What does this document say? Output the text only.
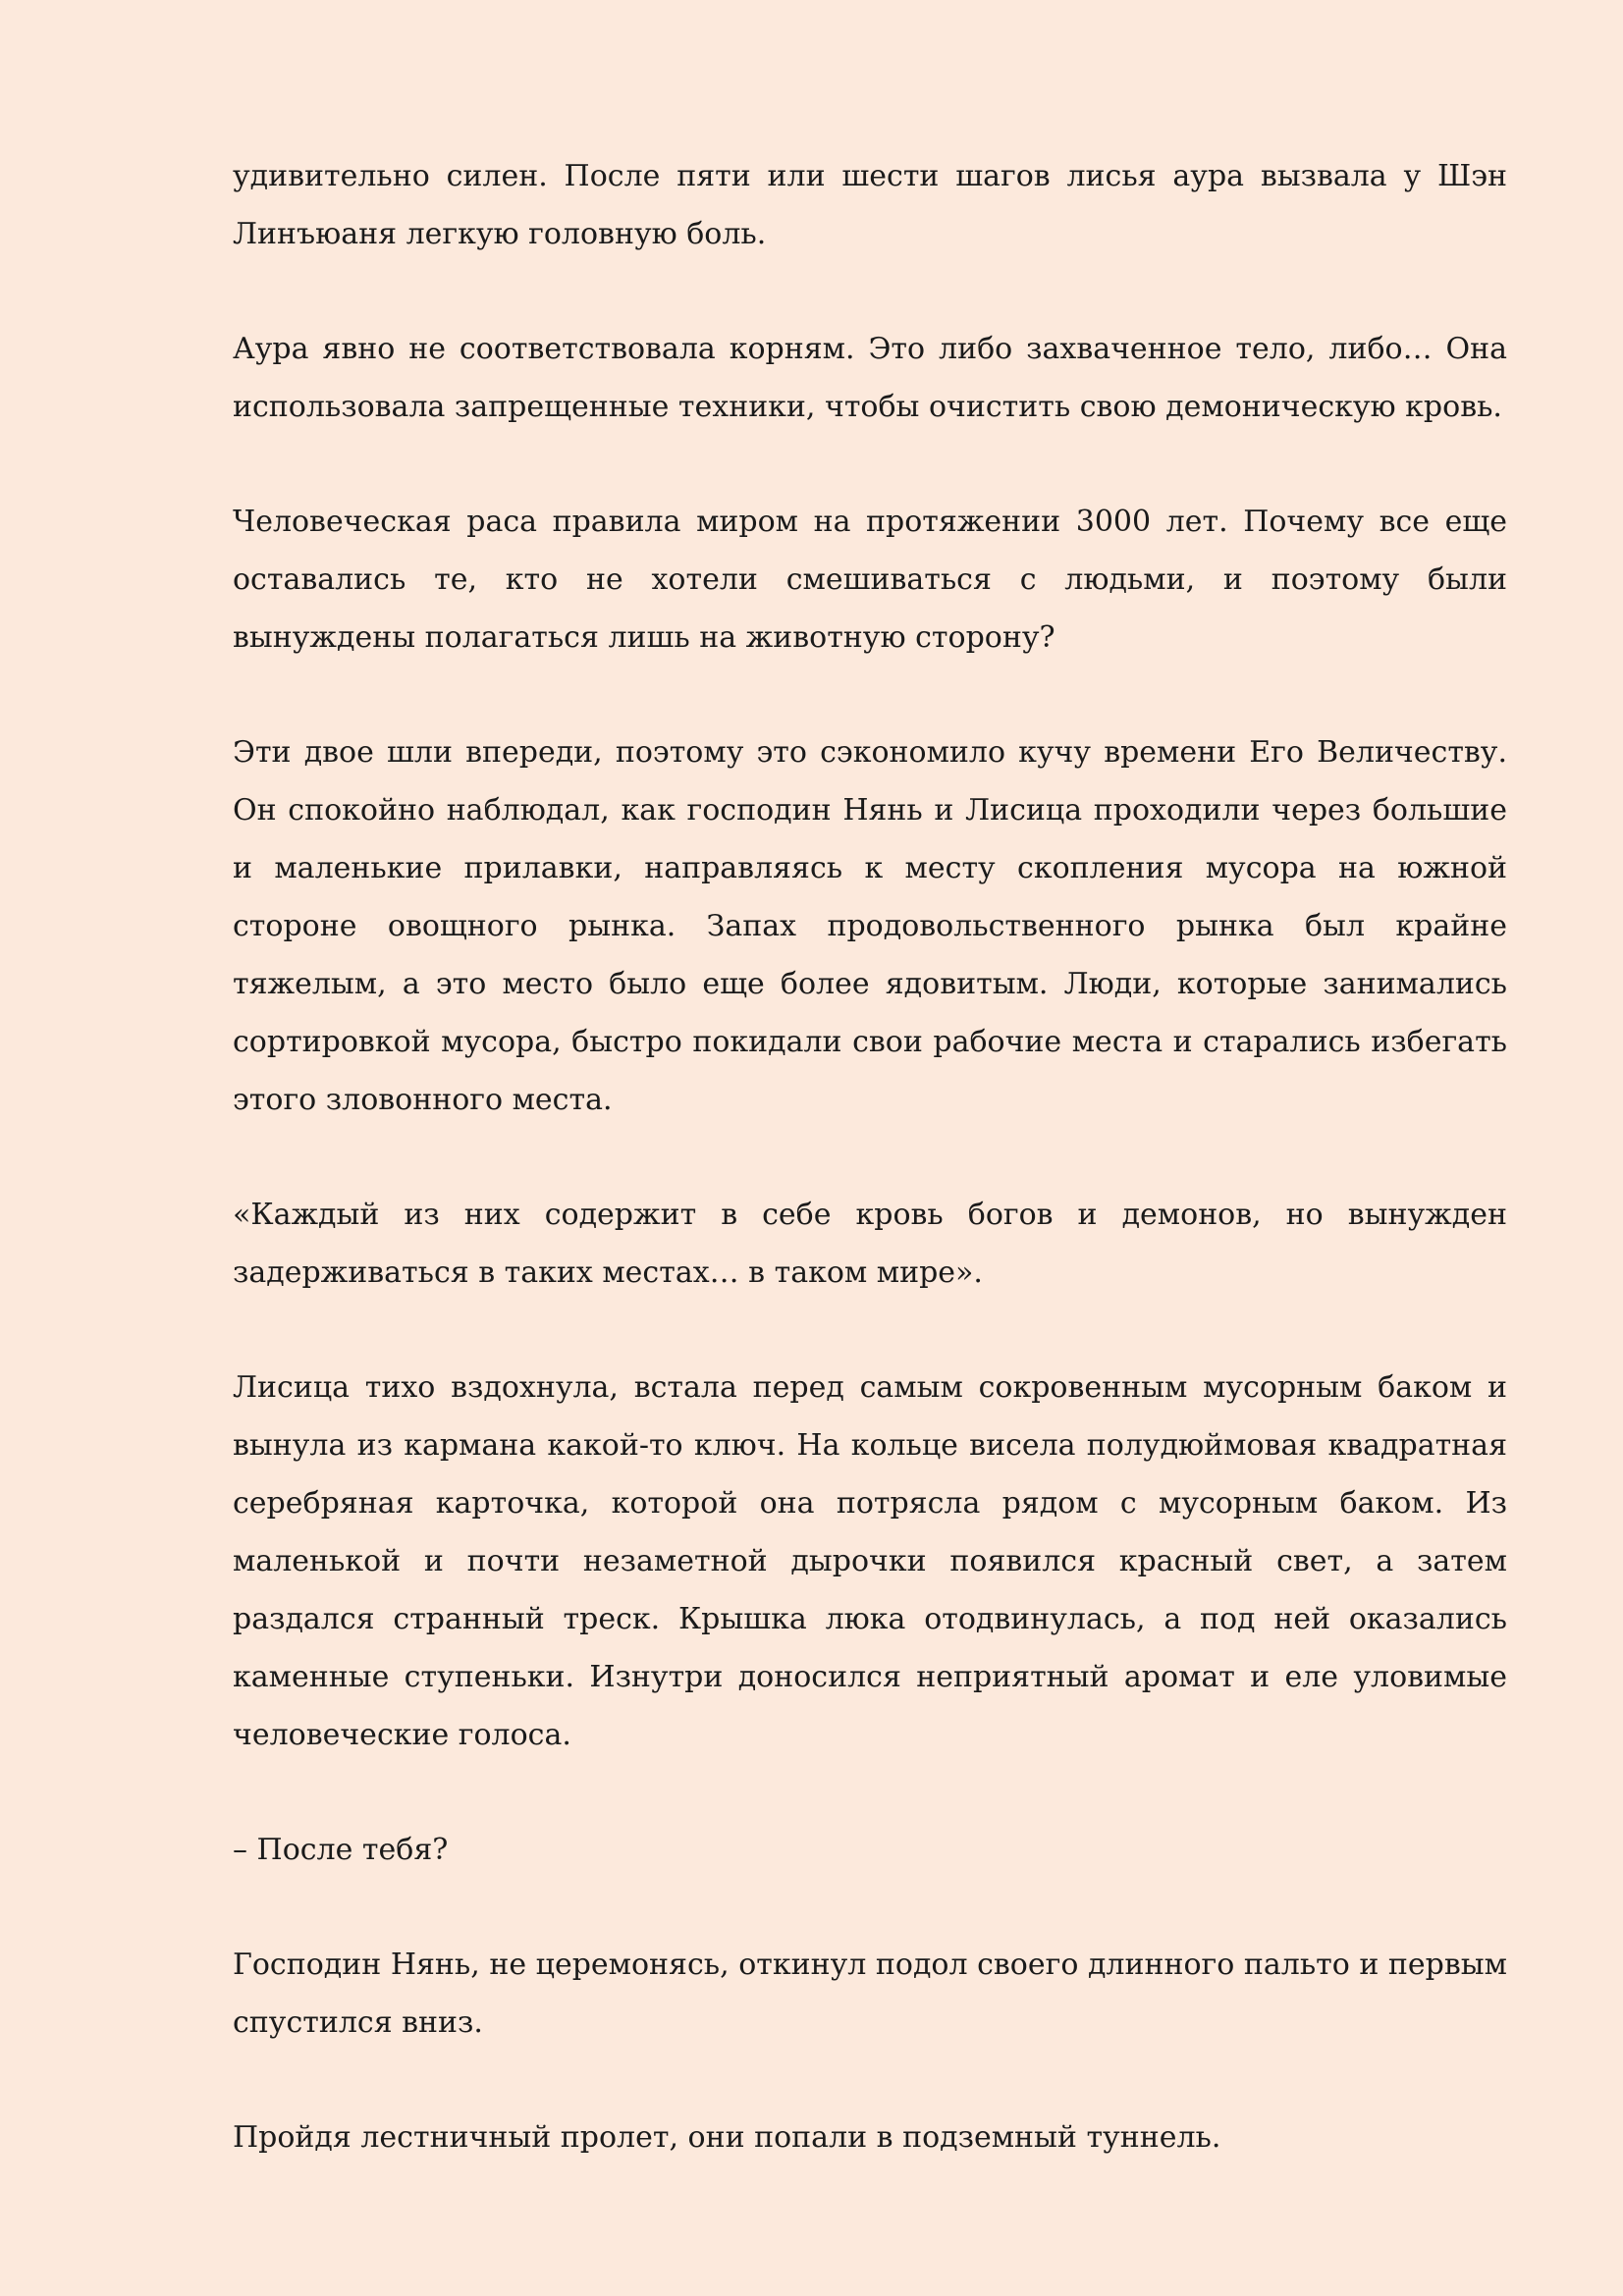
удивительно силен. После пяти или шести шагов лисья аура вызвала у Шэн Линъюаня легкую головную боль.

Аура явно не соответствовала корням. Это либо захваченное тело, либо… Она использовала запрещенные техники, чтобы очистить свою демоническую кровь.

Человеческая раса правила миром на протяжении 3000 лет. Почему все еще оставались те, кто не хотели смешиваться с людьми, и поэтому были вынуждены полагаться лишь на животную сторону?

Эти двое шли впереди, поэтому это сэкономило кучу времени Его Величеству. Он спокойно наблюдал, как господин Нянь и Лисица проходили через большие и маленькие прилавки, направляясь к месту скопления мусора на южной стороне овощного рынка. Запах продовольственного рынка был крайне тяжелым, а это место было еще более ядовитым. Люди, которые занимались сортировкой мусора, быстро покидали свои рабочие места и старались избегать этого зловонного места.

«Каждый из них содержит в себе кровь богов и демонов, но вынужден задерживаться в таких местах… в таком мире».

Лисица тихо вздохнула, встала перед самым сокровенным мусорным баком и вынула из кармана какой-то ключ. На кольце висела полудюймовая квадратная серебряная карточка, которой она потрясла рядом с мусорным баком. Из маленькой и почти незаметной дырочки появился красный свет, а затем раздался странный треск. Крышка люка отодвинулась, а под ней оказались каменные ступеньки. Изнутри доносился неприятный аромат и еле уловимые человеческие голоса.

– После тебя?

Господин Нянь, не церемонясь, откинул подол своего длинного пальто и первым спустился вниз.

Пройдя лестничный пролет, они попали в подземный туннель.
